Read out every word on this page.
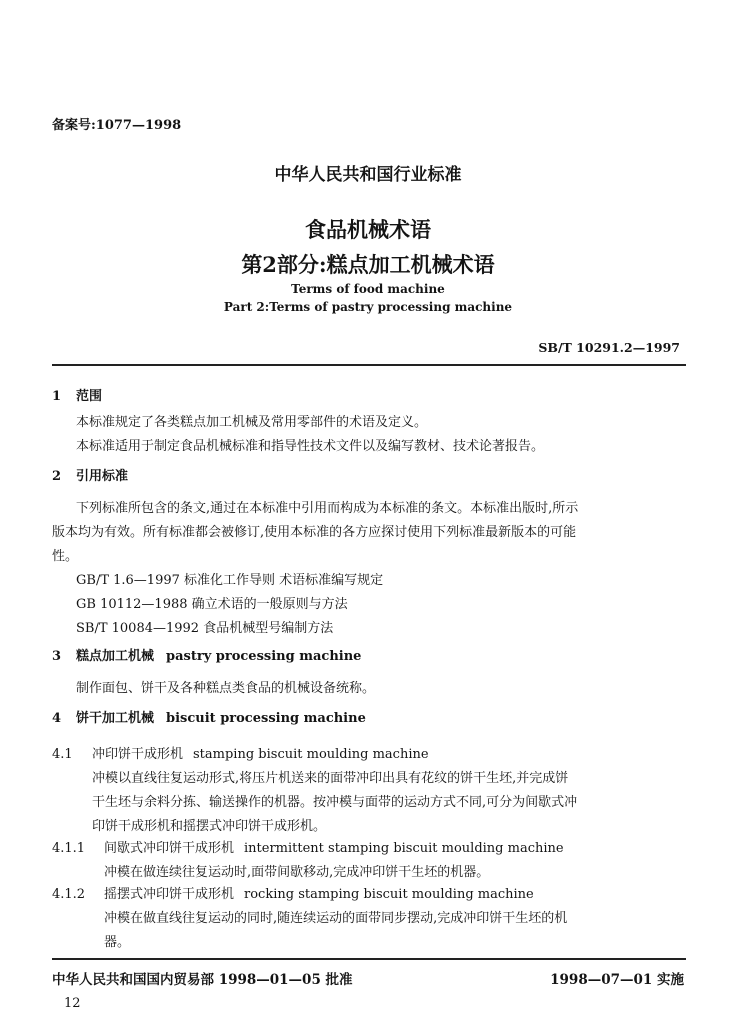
备案号:1077—1998
中华人民共和国行业标准
食品机械术语
第2部分:糕点加工机械术语
Terms of food machine
Part 2:Terms of pastry processing machine
SB/T 10291.2—1997
1 范围
本标准规定了各类糕点加工机械及常用零部件的术语及定义。
本标准适用于制定食品机械标准和指导性技术文件以及编写教材、技术论著报告。
2 引用标准
下列标准所包含的条文,通过在本标准中引用而构成为本标准的条文。本标准出版时,所示
版本均为有效。所有标准都会被修订,使用本标准的各方应探讨使用下列标准最新版本的可能
性。
GB/T 1.6—1997 标准化工作导则 术语标准编写规定
GB 10112—1988 确立术语的一般原则与方法
SB/T 10084—1992 食品机械型号编制方法
3 糕点加工机械 pastry processing machine
制作面包、饼干及各种糕点类食品的机械设备统称。
4 饼干加工机械 biscuit processing machine
4.1 冲印饼干成形机 stamping biscuit moulding machine
冲模以直线往复运动形式,将压片机送来的面带冲印出具有花纹的饼干生坯,并完成饼
干生坯与余料分拣、输送操作的机器。按冲模与面带的运动方式不同,可分为间歇式冲
印饼干成形机和摇摆式冲印饼干成形机。
4.1.1 间歇式冲印饼干成形机 intermittent stamping biscuit moulding machine
冲模在做连续往复运动时,面带间歇移动,完成冲印饼干生坯的机器。
4.1.2 摇摆式冲印饼干成形机 rocking stamping biscuit moulding machine
冲模在做直线往复运动的同时,随连续运动的面带同步摆动,完成冲印饼干生坯的机
器。
中华人民共和国国内贸易部 1998—01—05 批准	1998—07—01 实施
12
